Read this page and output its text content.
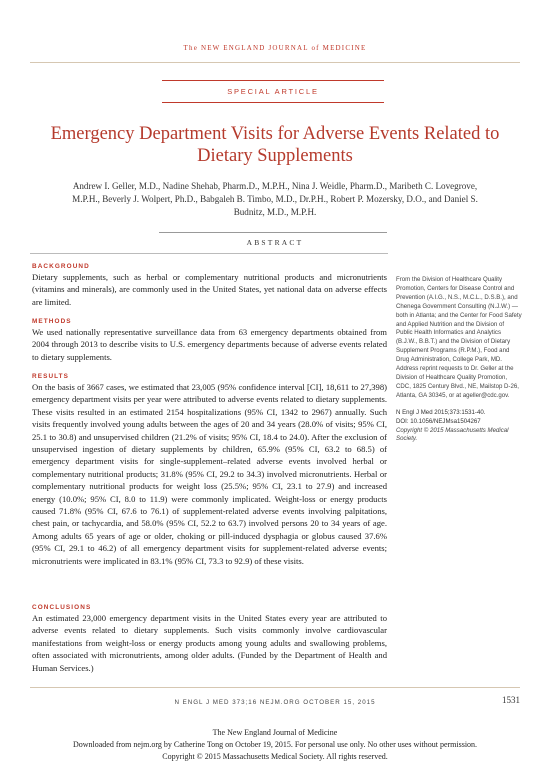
The NEW ENGLAND JOURNAL of MEDICINE
SPECIAL ARTICLE
Emergency Department Visits for Adverse Events Related to Dietary Supplements
Andrew I. Geller, M.D., Nadine Shehab, Pharm.D., M.P.H., Nina J. Weidle, Pharm.D., Maribeth C. Lovegrove, M.P.H., Beverly J. Wolpert, Ph.D., Babgaleh B. Timbo, M.D., Dr.P.H., Robert P. Mozersky, D.O., and Daniel S. Budnitz, M.D., M.P.H.
ABSTRACT
BACKGROUND
Dietary supplements, such as herbal or complementary nutritional products and micronutrients (vitamins and minerals), are commonly used in the United States, yet national data on adverse effects are limited.
METHODS
We used nationally representative surveillance data from 63 emergency departments obtained from 2004 through 2013 to describe visits to U.S. emergency departments because of adverse events related to dietary supplements.
RESULTS
On the basis of 3667 cases, we estimated that 23,005 (95% confidence interval [CI], 18,611 to 27,398) emergency department visits per year were attributed to adverse events related to dietary supplements. These visits resulted in an estimated 2154 hospitalizations (95% CI, 1342 to 2967) annually. Such visits frequently involved young adults between the ages of 20 and 34 years (28.0% of visits; 95% CI, 25.1 to 30.8) and unsupervised children (21.2% of visits; 95% CI, 18.4 to 24.0). After the exclusion of unsupervised ingestion of dietary supplements by children, 65.9% (95% CI, 63.2 to 68.5) of emergency department visits for single-supplement–related adverse events involved herbal or complementary nutritional products; 31.8% (95% CI, 29.2 to 34.3) involved micronutrients. Herbal or complementary nutritional products for weight loss (25.5%; 95% CI, 23.1 to 27.9) and increased energy (10.0%; 95% CI, 8.0 to 11.9) were commonly implicated. Weight-loss or energy products caused 71.8% (95% CI, 67.6 to 76.1) of supplement-related adverse events involving palpitations, chest pain, or tachycardia, and 58.0% (95% CI, 52.2 to 63.7) involved persons 20 to 34 years of age. Among adults 65 years of age or older, choking or pill-induced dysphagia or globus caused 37.6% (95% CI, 29.1 to 46.2) of all emergency department visits for supplement-related adverse events; micronutrients were implicated in 83.1% (95% CI, 73.3 to 92.9) of these visits.
CONCLUSIONS
An estimated 23,000 emergency department visits in the United States every year are attributed to adverse events related to dietary supplements. Such visits commonly involve cardiovascular manifestations from weight-loss or energy products among young adults and swallowing problems, often associated with micronutrients, among older adults. (Funded by the Department of Health and Human Services.)

From the Division of Healthcare Quality Promotion, Centers for Disease Control and Prevention (A.I.G., N.S., M.C.L., D.S.B.), and Chenega Government Consulting (N.J.W.) — both in Atlanta; and the Center for Food Safety and Applied Nutrition and the Division of Public Health Informatics and Analytics (B.J.W., B.B.T.) and the Division of Dietary Supplement Programs (R.P.M.), Food and Drug Administration, College Park, MD. Address reprint requests to Dr. Geller at the Division of Healthcare Quality Promotion, CDC, 1825 Century Blvd., NE, Mailstop D-26, Atlanta, GA 30345, or at ageller@cdc.gov.

N Engl J Med 2015;373:1531-40.
DOI: 10.1056/NEJMsa1504267
Copyright © 2015 Massachusetts Medical Society.

N ENGL J MED 373;16 NEJM.ORG OCTOBER 15, 2015	1531
The New England Journal of Medicine
Downloaded from nejm.org by Catherine Tong on October 19, 2015. For personal use only. No other uses without permission.
Copyright © 2015 Massachusetts Medical Society. All rights reserved.
